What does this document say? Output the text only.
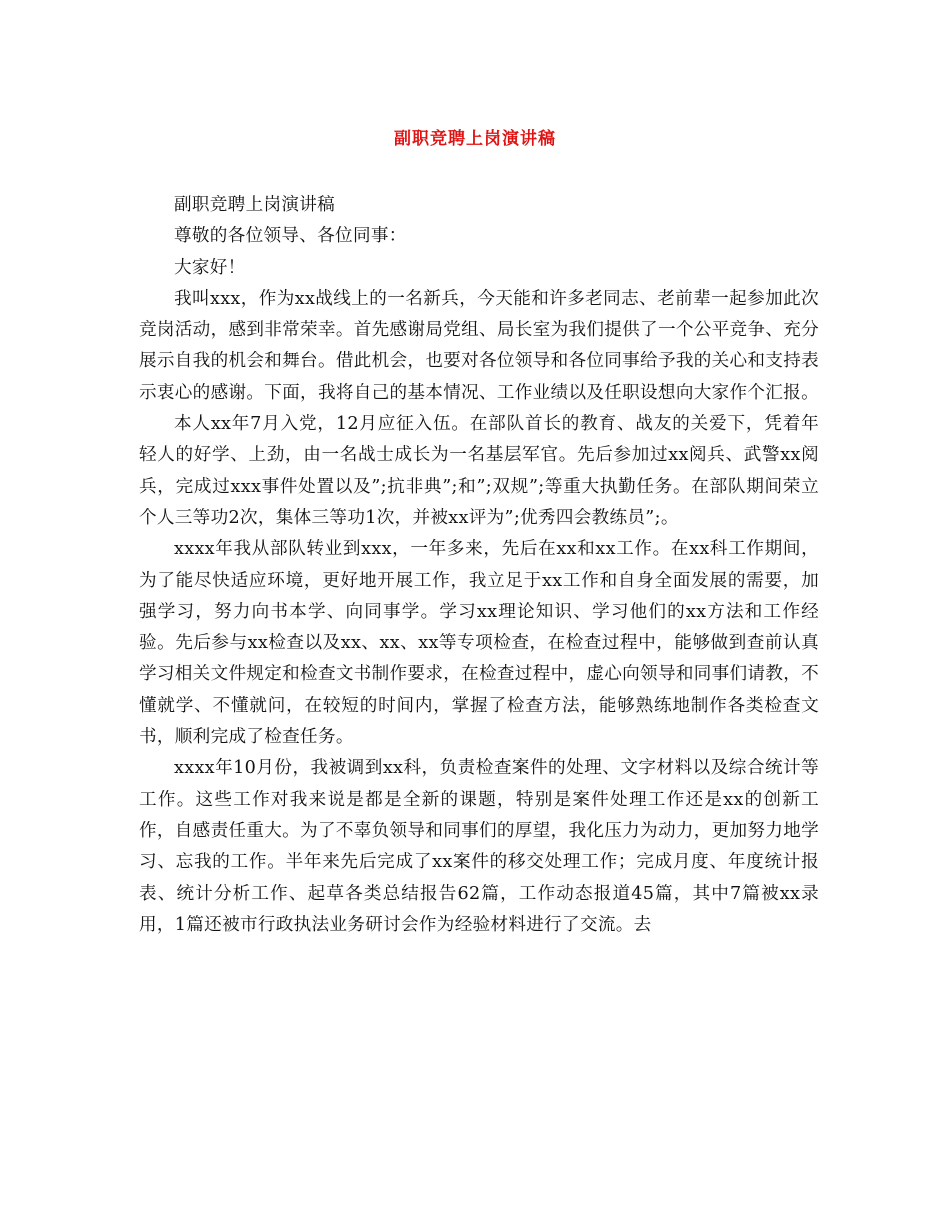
副职竞聘上岗演讲稿

副职竞聘上岗演讲稿

尊敬的各位领导、各位同事：

大家好！

我叫xxx，作为xx战线上的一名新兵，今天能和许多老同志、老前辈一起参加此次竞岗活动，感到非常荣幸。首先感谢局党组、局长室为我们提供了一个公平竞争、充分展示自我的机会和舞台。借此机会，也要对各位领导和各位同事给予我的关心和支持表示衷心的感谢。下面，我将自己的基本情况、工作业绩以及任职设想向大家作个汇报。

本人xx年7月入党，12月应征入伍。在部队首长的教育、战友的关爱下，凭着年轻人的好学、上劲，由一名战士成长为一名基层军官。先后参加过xx阅兵、武警xx阅兵，完成过xxx事件处置以及”;抗非典”;和”;双规”;等重大执勤任务。在部队期间荣立个人三等功2次，集体三等功1次，并被xx评为”;优秀四会教练员”;。

xxxx年我从部队转业到xxx，一年多来，先后在xx和xx工作。在xx科工作期间，为了能尽快适应环境，更好地开展工作，我立足于xx工作和自身全面发展的需要，加强学习，努力向书本学、向同事学。学习xx理论知识、学习他们的xx方法和工作经验。先后参与xx检查以及xx、xx、xx等专项检查，在检查过程中，能够做到查前认真学习相关文件规定和检查文书制作要求，在检查过程中，虚心向领导和同事们请教，不懂就学、不懂就问，在较短的时间内，掌握了检查方法，能够熟练地制作各类检查文书，顺利完成了检查任务。

xxxx年10月份，我被调到xx科，负责检查案件的处理、文字材料以及综合统计等工作。这些工作对我来说是都是全新的课题，特别是案件处理工作还是xx的创新工作，自感责任重大。为了不辜负领导和同事们的厚望，我化压力为动力，更加努力地学习、忘我的工作。半年来先后完成了xx案件的移交处理工作；完成月度、年度统计报表、统计分析工作、起草各类总结报告62篇，工作动态报道45篇，其中7篇被xx录用，1篇还被市行政执法业务研讨会作为经验材料进行了交流。去
